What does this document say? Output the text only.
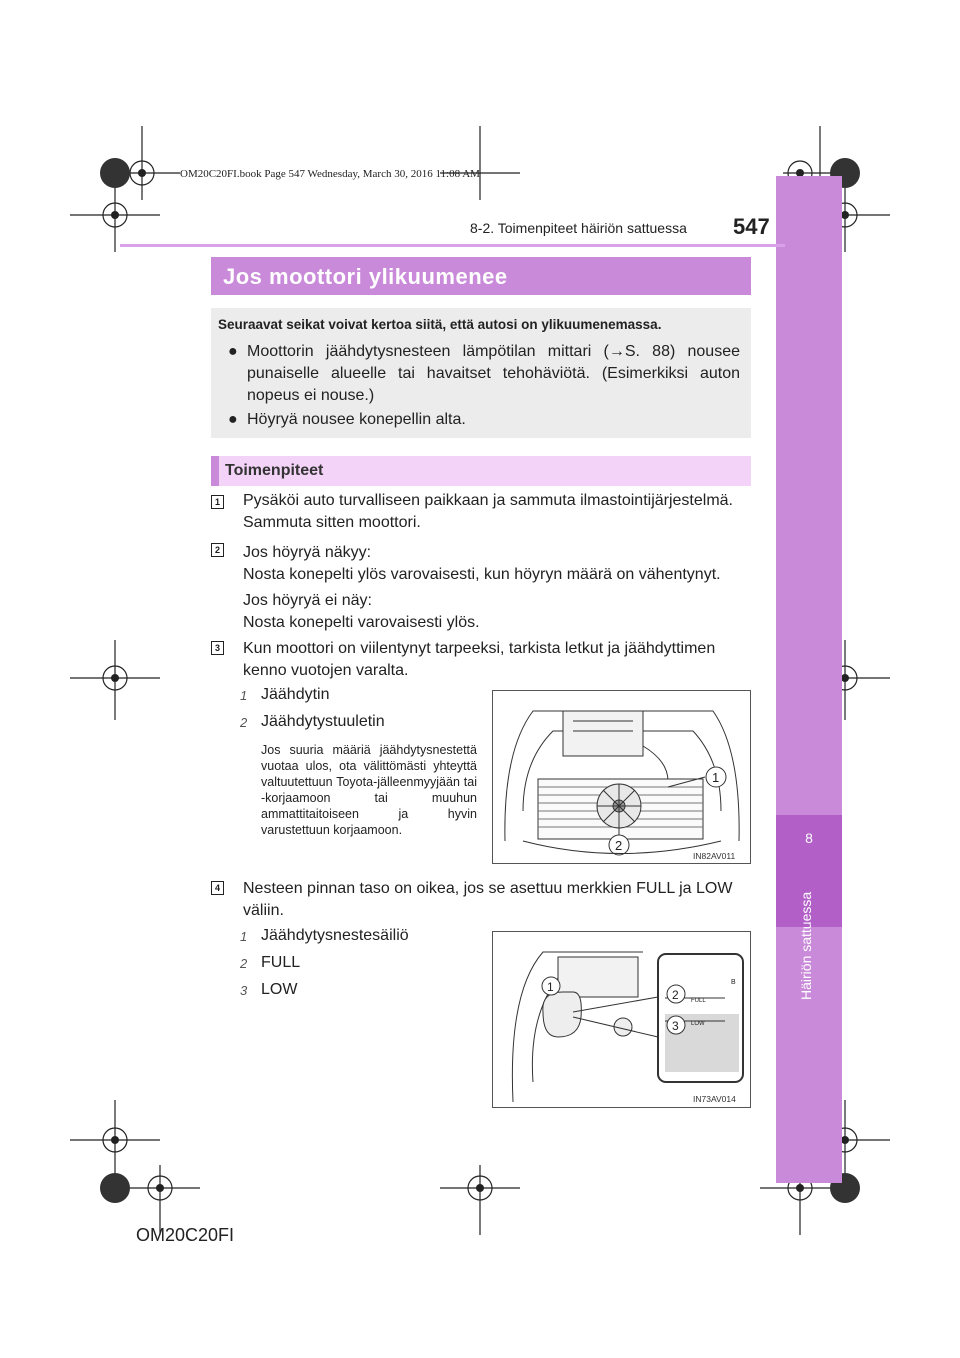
8
Häiriön sattuessa
OM20C20FI.book Page 547 Wednesday, March 30, 2016 11:08 AM
8-2. Toimenpiteet häiriön sattuessa 547
Jos moottori ylikuumenee
Seuraavat seikat voivat kertoa siitä, että autosi on ylikuumenemassa.
● Moottorin jäähdytysnesteen lämpötilan mittari (→S. 88) nousee punaiselle alueelle tai havaitset tehohäviötä. (Esimerkiksi auton nopeus ei nouse.)
● Höyryä nousee konepellin alta.
Toimenpiteet
1 Pysäköi auto turvalliseen paikkaan ja sammuta ilmastointijärjestelmä. Sammuta sitten moottori.
2 Jos höyryä näkyy:
Nosta konepelti ylös varovaisesti, kun höyryn määrä on vähentynyt.
Jos höyryä ei näy:
Nosta konepelti varovaisesti ylös.
3 Kun moottori on viilentynyt tarpeeksi, tarkista letkut ja jäähdyttimen kenno vuotojen varalta.
1 Jäähdytin
2 Jäähdytystuuletin
Jos suuria määriä jäähdytysnestettä vuotaa ulos, ota välittömästi yhteyttä valtuutettuun Toyota-jälleenmyyjään tai -korjaamoon tai muuhun ammattitaitoiseen ja hyvin varustettuun korjaamoon.
1
2
IN82AV011
4 Nesteen pinnan taso on oikea, jos se asettuu merkkien FULL ja LOW väliin.
1 Jäähdytysnestesäiliö
2 FULL
3 LOW	1
2
3
FULL
LOW
B
IN73AV014
OM20C20FI
